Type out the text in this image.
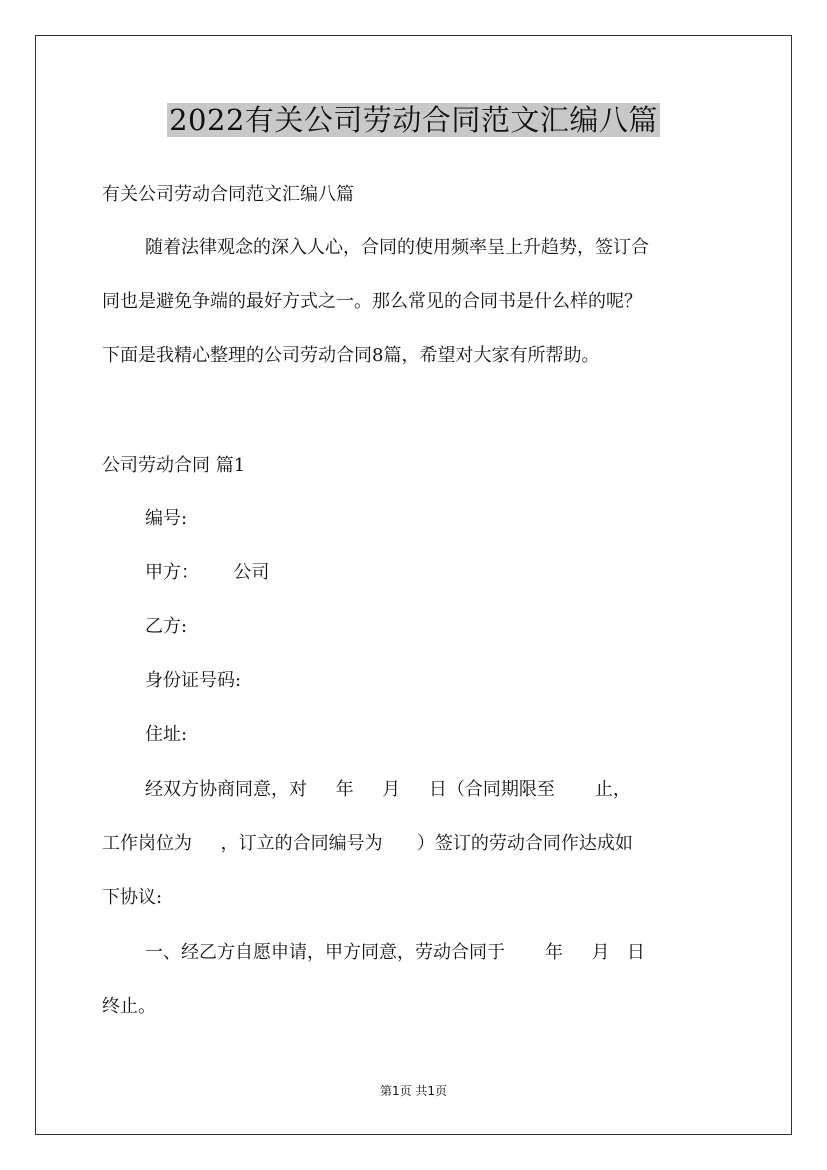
2022有关公司劳动合同范文汇编八篇
有关公司劳动合同范文汇编八篇
随着法律观念的深入人心，合同的使用频率呈上升趋势，签订合
同也是避免争端的最好方式之一。那么常见的合同书是什么样的呢？
下面是我精心整理的公司劳动合同8篇，希望对大家有所帮助。
公司劳动合同 篇1
编号:
甲方：      公司
乙方:
身份证号码:
住址:
经双方协商同意，对     年     月     日（合同期限至       止，
工作岗位为     ，订立的合同编号为      ）签订的劳动合同作达成如
下协议:
一、经乙方自愿申请，甲方同意，劳动合同于       年     月   日
终止。
第1页 共1页
